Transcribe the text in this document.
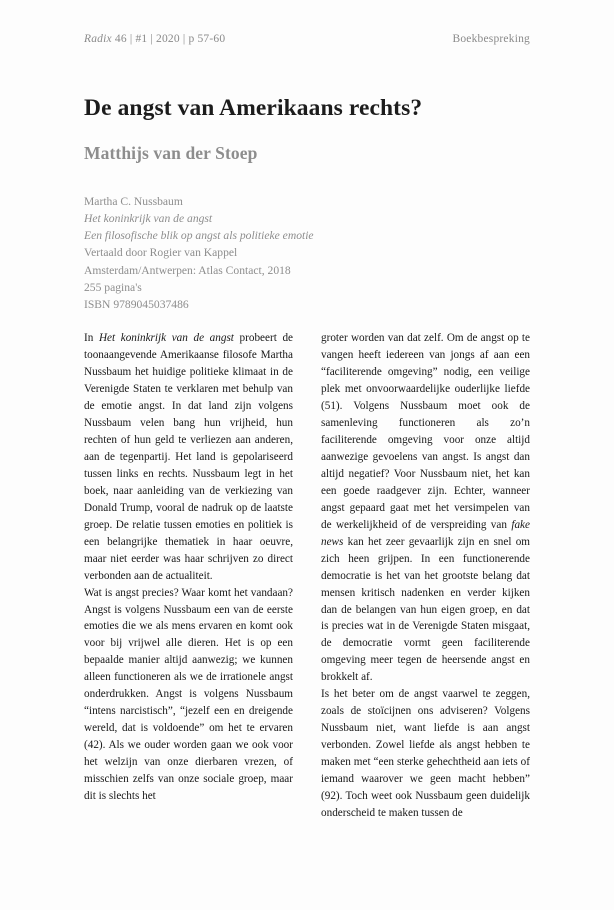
Radix 46 | #1 | 2020 | p 57-60	Boekbespreking
De angst van Amerikaans rechts?
Matthijs van der Stoep
Martha C. Nussbaum
Het koninkrijk van de angst
Een filosofische blik op angst als politieke emotie
Vertaald door Rogier van Kappel
Amsterdam/Antwerpen: Atlas Contact, 2018
255 pagina's
ISBN 9789045037486

In Het koninkrijk van de angst probeert de toonaangevende Amerikaanse filosofe Martha Nussbaum het huidige politieke klimaat in de Verenigde Staten te verklaren met behulp van de emotie angst. In dat land zijn volgens Nussbaum velen bang hun vrijheid, hun rechten of hun geld te verliezen aan anderen, aan de tegenpartij. Het land is gepolariseerd tussen links en rechts. Nussbaum legt in het boek, naar aanleiding van de verkiezing van Donald Trump, vooral de nadruk op de laatste groep. De relatie tussen emoties en politiek is een belangrijke thematiek in haar oeuvre, maar niet eerder was haar schrijven zo direct verbonden aan de actualiteit.

Wat is angst precies? Waar komt het vandaan? Angst is volgens Nussbaum een van de eerste emoties die we als mens ervaren en komt ook voor bij vrijwel alle dieren. Het is op een bepaalde manier altijd aanwezig; we kunnen alleen functioneren als we de irrationele angst onderdrukken. Angst is volgens Nussbaum “intens narcistisch”, “jezelf een en dreigende wereld, dat is voldoende” om het te ervaren (42). Als we ouder worden gaan we ook voor het welzijn van onze dierbaren vrezen, of misschien zelfs van onze sociale groep, maar dit is slechts het

groter worden van dat zelf. Om de angst op te vangen heeft iedereen van jongs af aan een “faciliterende omgeving” nodig, een veilige plek met onvoorwaardelijke ouderlijke liefde (51). Volgens Nussbaum moet ook de samenleving functioneren als zo’n faciliterende omgeving voor onze altijd aanwezige gevoelens van angst. Is angst dan altijd negatief? Voor Nussbaum niet, het kan een goede raadgever zijn. Echter, wanneer angst gepaard gaat met het versimpelen van de werkelijkheid of de verspreiding van fake news kan het zeer gevaarlijk zijn en snel om zich heen grijpen. In een functionerende democratie is het van het grootste belang dat mensen kritisch nadenken en verder kijken dan de belangen van hun eigen groep, en dat is precies wat in de Verenigde Staten misgaat, de democratie vormt geen faciliterende omgeving meer tegen de heersende angst en brokkelt af.

Is het beter om de angst vaarwel te zeggen, zoals de stoïcijnen ons adviseren? Volgens Nussbaum niet, want liefde is aan angst verbonden. Zowel liefde als angst hebben te maken met “een sterke gehechtheid aan iets of iemand waarover we geen macht hebben” (92). Toch weet ook Nussbaum geen duidelijk onderscheid te maken tussen de
